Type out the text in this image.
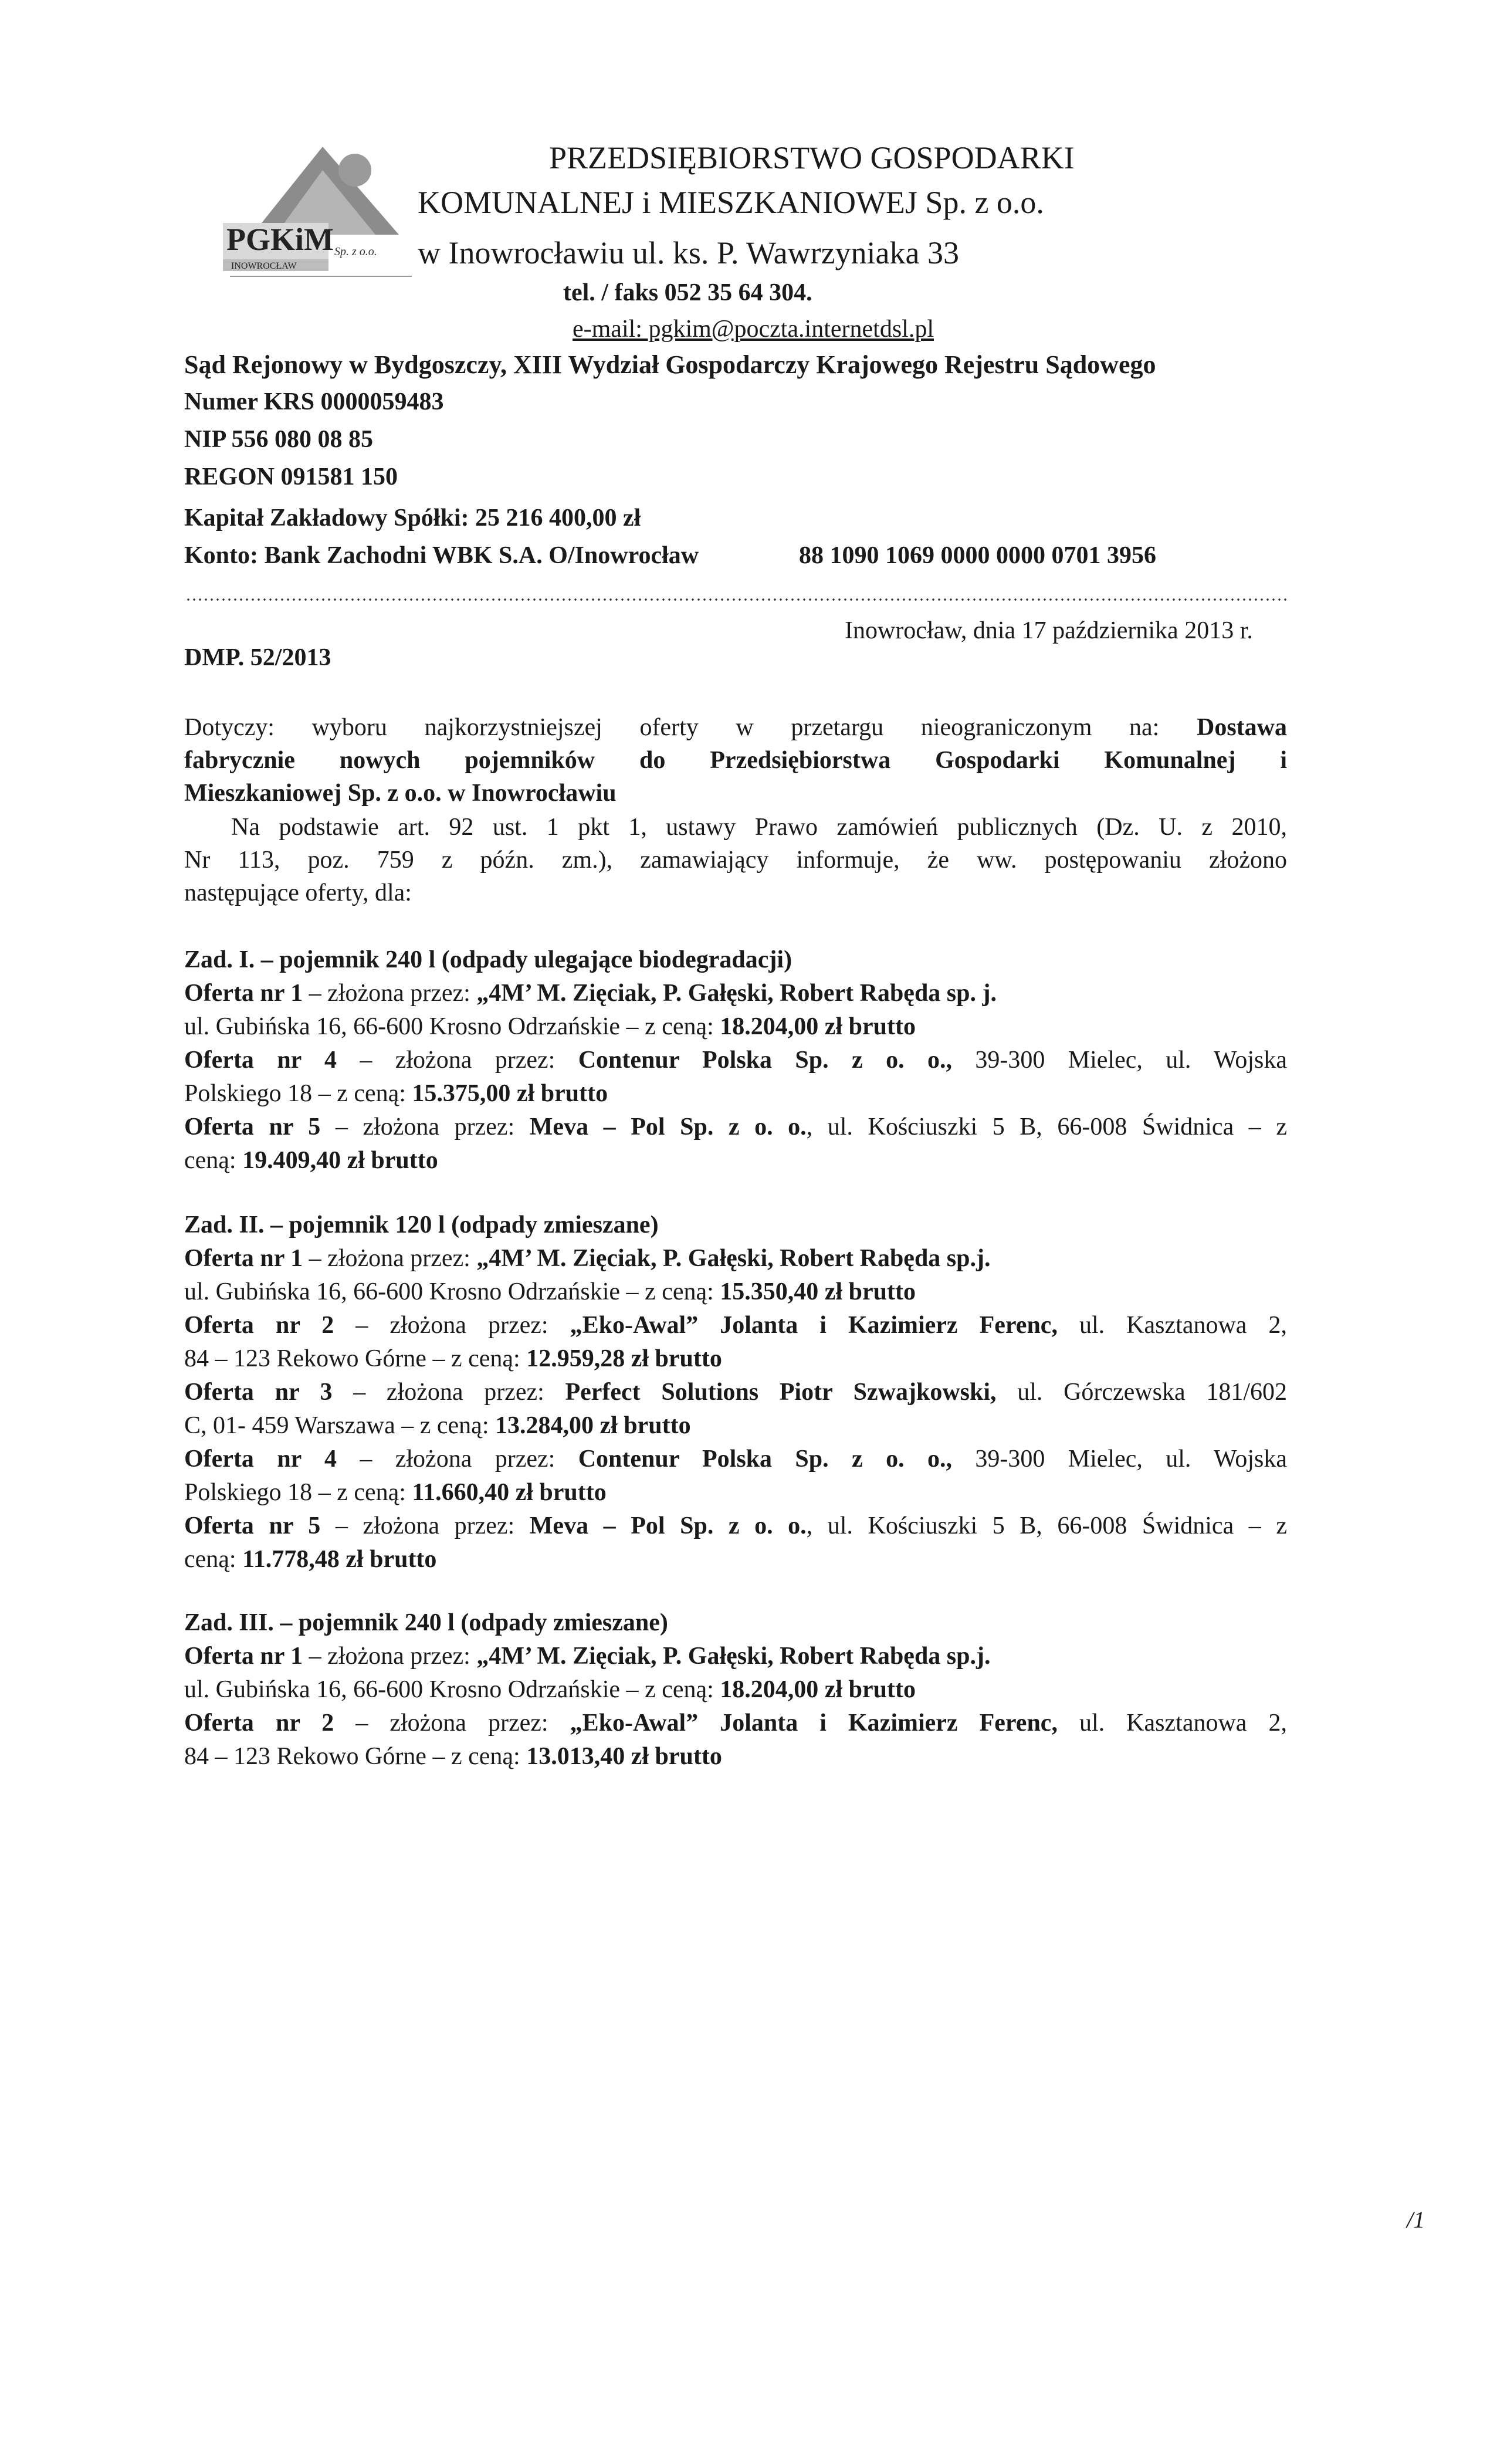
PGKiM Sp. z o.o.
INOWROCŁAW
PRZEDSIĘBIORSTWO GOSPODARKI
KOMUNALNEJ i MIESZKANIOWEJ Sp. z o.o.
w Inowrocławiu ul. ks. P. Wawrzyniaka 33
tel. / faks 052 35 64 304.
e-mail: pgkim@poczta.internetdsl.pl
Sąd Rejonowy w Bydgoszczy, XIII Wydział Gospodarczy Krajowego Rejestru Sądowego
Numer KRS 0000059483
NIP 556 080 08 85
REGON 091581 150
Kapitał Zakładowy Spółki: 25 216 400,00 zł
Konto: Bank Zachodni WBK S.A. O/Inowrocław	88 1090 1069 0000 0000 0701 3956
Inowrocław, dnia 17 października 2013 r.
DMP. 52/2013
Dotyczy: wyboru najkorzystniejszej oferty w przetargu nieograniczonym na: Dostawa
fabrycznie nowych pojemników do Przedsiębiorstwa Gospodarki Komunalnej i
Mieszkaniowej Sp. z o.o. w Inowrocławiu
Na podstawie art. 92 ust. 1 pkt 1, ustawy Prawo zamówień publicznych (Dz. U. z 2010,
Nr 113, poz. 759 z późn. zm.), zamawiający informuje, że ww. postępowaniu złożono
następujące oferty, dla:
Zad. I. – pojemnik 240 l (odpady ulegające biodegradacji)
Oferta nr 1 – złożona przez: „4M’ M. Zięciak, P. Gałęski, Robert Rabęda sp. j.
ul. Gubińska 16, 66-600 Krosno Odrzańskie – z ceną: 18.204,00 zł brutto
Oferta nr 4 – złożona przez: Contenur Polska Sp. z o. o., 39-300 Mielec, ul. Wojska
Polskiego 18 – z ceną: 15.375,00 zł brutto
Oferta nr 5 – złożona przez: Meva – Pol Sp. z o. o., ul. Kościuszki 5 B, 66-008 Świdnica – z
ceną: 19.409,40 zł brutto
Zad. II. – pojemnik 120 l (odpady zmieszane)
Oferta nr 1 – złożona przez: „4M’ M. Zięciak, P. Gałęski, Robert Rabęda sp.j.
ul. Gubińska 16, 66-600 Krosno Odrzańskie – z ceną: 15.350,40 zł brutto
Oferta nr 2 – złożona przez: „Eko-Awal” Jolanta i Kazimierz Ferenc, ul. Kasztanowa 2,
84 – 123 Rekowo Górne – z ceną: 12.959,28 zł brutto
Oferta nr 3 – złożona przez: Perfect Solutions Piotr Szwajkowski, ul. Górczewska 181/602
C, 01- 459 Warszawa – z ceną: 13.284,00 zł brutto
Oferta nr 4 – złożona przez: Contenur Polska Sp. z o. o., 39-300 Mielec, ul. Wojska
Polskiego 18 – z ceną: 11.660,40 zł brutto
Oferta nr 5 – złożona przez: Meva – Pol Sp. z o. o., ul. Kościuszki 5 B, 66-008 Świdnica – z
ceną: 11.778,48 zł brutto
Zad. III. – pojemnik 240 l (odpady zmieszane)
Oferta nr 1 – złożona przez: „4M’ M. Zięciak, P. Gałęski, Robert Rabęda sp.j.
ul. Gubińska 16, 66-600 Krosno Odrzańskie – z ceną: 18.204,00 zł brutto
Oferta nr 2 – złożona przez: „Eko-Awal” Jolanta i Kazimierz Ferenc, ul. Kasztanowa 2,
84 – 123 Rekowo Górne – z ceną: 13.013,40 zł brutto
/1
